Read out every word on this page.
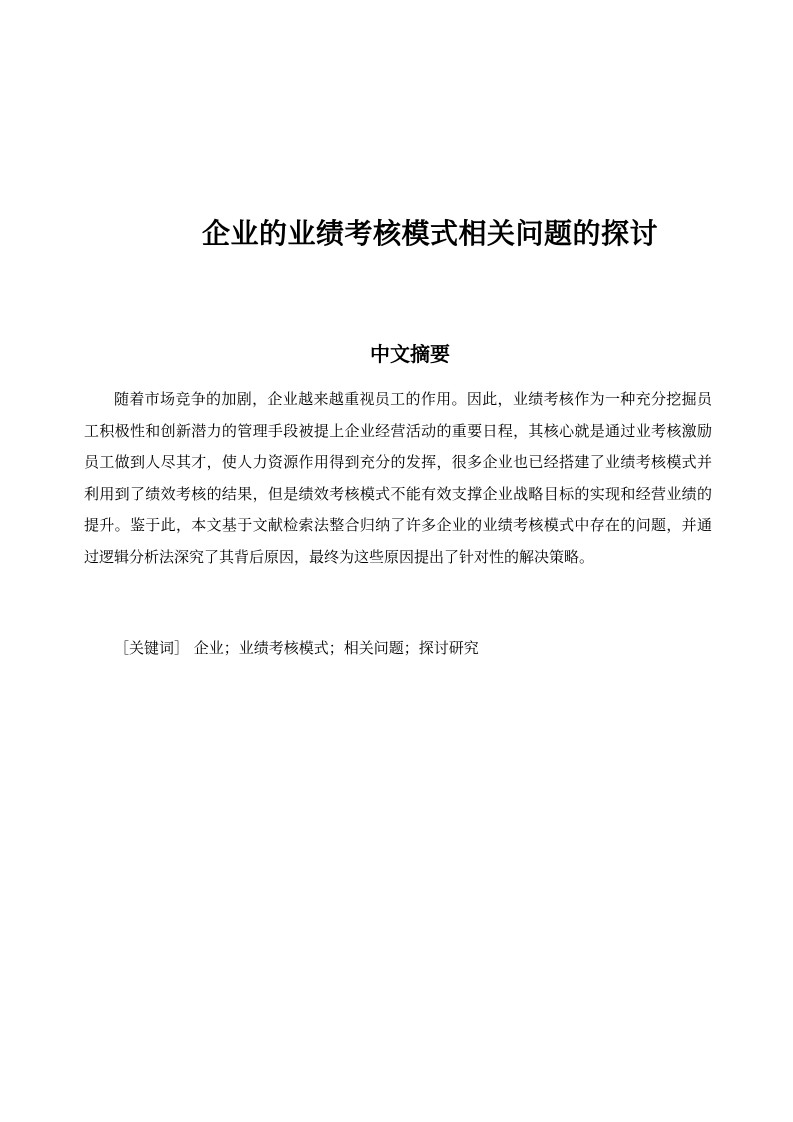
企业的业绩考核模式相关问题的探讨
中文摘要

随着市场竞争的加剧，企业越来越重视员工的作用。因此，业绩考核作为一种充分挖掘员工积极性和创新潜力的管理手段被提上企业经营活动的重要日程，其核心就是通过业考核激励员工做到人尽其才，使人力资源作用得到充分的发挥，很多企业也已经搭建了业绩考核模式并利用到了绩效考核的结果，但是绩效考核模式不能有效支撑企业战略目标的实现和经营业绩的提升。鉴于此，本文基于文献检索法整合归纳了许多企业的业绩考核模式中存在的问题，并通过逻辑分析法深究了其背后原因，最终为这些原因提出了针对性的解决策略。

［关键词］ 企业；业绩考核模式；相关问题；探讨研究
